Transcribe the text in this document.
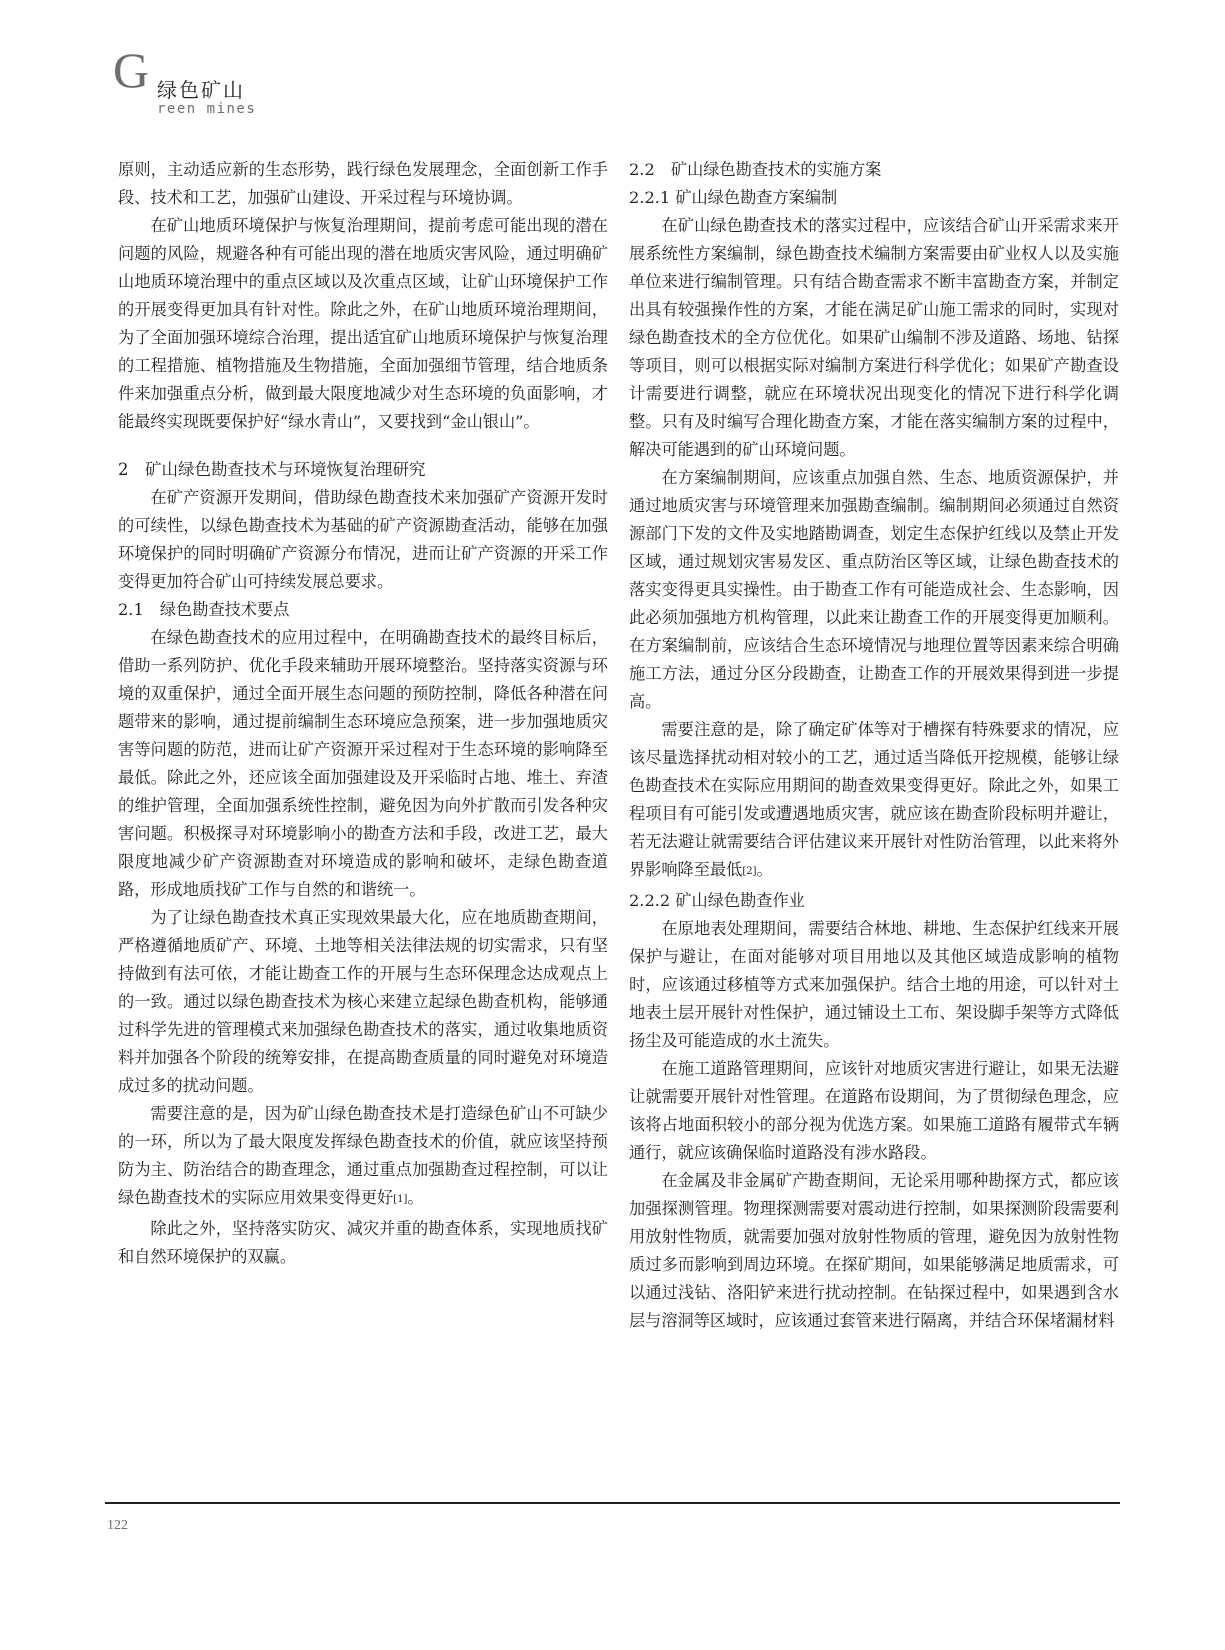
G 绿色矿山
reen mines

原则，主动适应新的生态形势，践行绿色发展理念，全面创新工作手段、技术和工艺，加强矿山建设、开采过程与环境协调。

在矿山地质环境保护与恢复治理期间，提前考虑可能出现的潜在问题的风险，规避各种有可能出现的潜在地质灾害风险，通过明确矿山地质环境治理中的重点区域以及次重点区域，让矿山环境保护工作的开展变得更加具有针对性。除此之外，在矿山地质环境治理期间，为了全面加强环境综合治理，提出适宜矿山地质环境保护与恢复治理的工程措施、植物措施及生物措施，全面加强细节管理，结合地质条件来加强重点分析，做到最大限度地减少对生态环境的负面影响，才能最终实现既要保护好“绿水青山”，又要找到“金山银山”。

2　矿山绿色勘查技术与环境恢复治理研究

在矿产资源开发期间，借助绿色勘查技术来加强矿产资源开发时的可续性，以绿色勘查技术为基础的矿产资源勘查活动，能够在加强环境保护的同时明确矿产资源分布情况，进而让矿产资源的开采工作变得更加符合矿山可持续发展总要求。

2.1　绿色勘查技术要点

在绿色勘查技术的应用过程中，在明确勘查技术的最终目标后，借助一系列防护、优化手段来辅助开展环境整治。坚持落实资源与环境的双重保护，通过全面开展生态问题的预防控制，降低各种潜在问题带来的影响，通过提前编制生态环境应急预案，进一步加强地质灾害等问题的防范，进而让矿产资源开采过程对于生态环境的影响降至最低。除此之外，还应该全面加强建设及开采临时占地、堆土、弃渣的维护管理，全面加强系统性控制，避免因为向外扩散而引发各种灾害问题。积极探寻对环境影响小的勘查方法和手段，改进工艺，最大限度地减少矿产资源勘查对环境造成的影响和破坏，走绿色勘查道路，形成地质找矿工作与自然的和谐统一。

为了让绿色勘查技术真正实现效果最大化，应在地质勘查期间，严格遵循地质矿产、环境、土地等相关法律法规的切实需求，只有坚持做到有法可依，才能让勘查工作的开展与生态环保理念达成观点上的一致。通过以绿色勘查技术为核心来建立起绿色勘查机构，能够通过科学先进的管理模式来加强绿色勘查技术的落实，通过收集地质资料并加强各个阶段的统筹安排，在提高勘查质量的同时避免对环境造成过多的扰动问题。

需要注意的是，因为矿山绿色勘查技术是打造绿色矿山不可缺少的一环，所以为了最大限度发挥绿色勘查技术的价值，就应该坚持预防为主、防治结合的勘查理念，通过重点加强勘查过程控制，可以让绿色勘查技术的实际应用效果变得更好[1]。

除此之外，坚持落实防灾、减灾并重的勘查体系，实现地质找矿和自然环境保护的双赢。

2.2　矿山绿色勘查技术的实施方案

2.2.1 矿山绿色勘查方案编制

在矿山绿色勘查技术的落实过程中，应该结合矿山开采需求来开展系统性方案编制，绿色勘查技术编制方案需要由矿业权人以及实施单位来进行编制管理。只有结合勘查需求不断丰富勘查方案，并制定出具有较强操作性的方案，才能在满足矿山施工需求的同时，实现对绿色勘查技术的全方位优化。如果矿山编制不涉及道路、场地、钻探等项目，则可以根据实际对编制方案进行科学优化；如果矿产勘查设计需要进行调整，就应在环境状况出现变化的情况下进行科学化调整。只有及时编写合理化勘查方案，才能在落实编制方案的过程中，解决可能遇到的矿山环境问题。

在方案编制期间，应该重点加强自然、生态、地质资源保护，并通过地质灾害与环境管理来加强勘查编制。编制期间必须通过自然资源部门下发的文件及实地踏勘调查，划定生态保护红线以及禁止开发区域，通过规划灾害易发区、重点防治区等区域，让绿色勘查技术的落实变得更具实操性。由于勘查工作有可能造成社会、生态影响，因此必须加强地方机构管理，以此来让勘查工作的开展变得更加顺利。在方案编制前，应该结合生态环境情况与地理位置等因素来综合明确施工方法，通过分区分段勘查，让勘查工作的开展效果得到进一步提高。

需要注意的是，除了确定矿体等对于槽探有特殊要求的情况，应该尽量选择扰动相对较小的工艺，通过适当降低开挖规模，能够让绿色勘查技术在实际应用期间的勘查效果变得更好。除此之外，如果工程项目有可能引发或遭遇地质灾害，就应该在勘查阶段标明并避让，若无法避让就需要结合评估建议来开展针对性防治管理，以此来将外界影响降至最低[2]。

2.2.2 矿山绿色勘查作业

在原地表处理期间，需要结合林地、耕地、生态保护红线来开展保护与避让，在面对能够对项目用地以及其他区域造成影响的植物时，应该通过移植等方式来加强保护。结合土地的用途，可以针对土地表土层开展针对性保护，通过铺设土工布、架设脚手架等方式降低扬尘及可能造成的水土流失。

在施工道路管理期间，应该针对地质灾害进行避让，如果无法避让就需要开展针对性管理。在道路布设期间，为了贯彻绿色理念，应该将占地面积较小的部分视为优选方案。如果施工道路有履带式车辆通行，就应该确保临时道路没有涉水路段。

在金属及非金属矿产勘查期间，无论采用哪种勘探方式，都应该加强探测管理。物理探测需要对震动进行控制，如果探测阶段需要利用放射性物质，就需要加强对放射性物质的管理，避免因为放射性物质过多而影响到周边环境。在探矿期间，如果能够满足地质需求，可以通过浅钻、洛阳铲来进行扰动控制。在钻探过程中，如果遇到含水层与溶洞等区域时，应该通过套管来进行隔离，并结合环保堵漏材料

122
